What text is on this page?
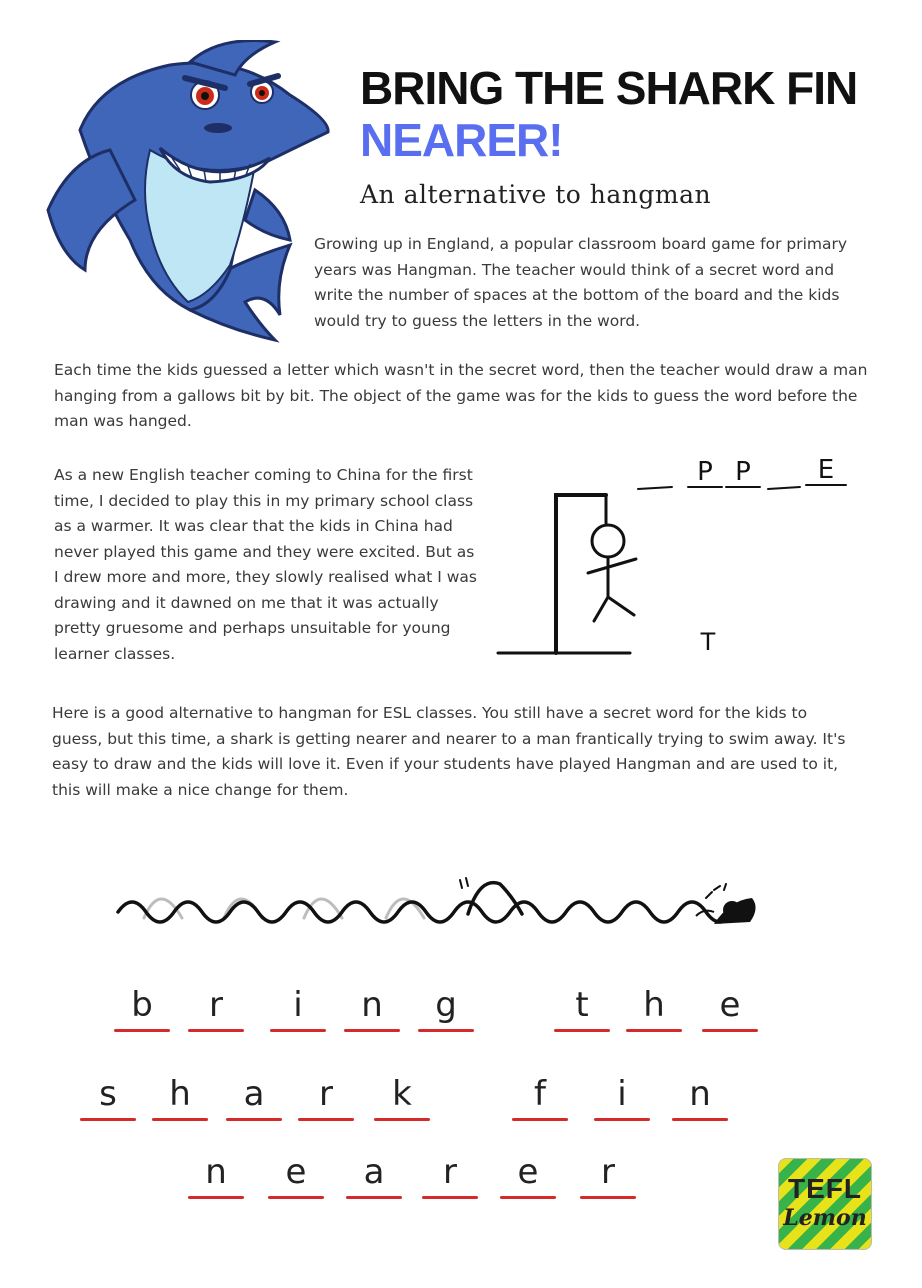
BRING THE SHARK FIN
NEARER!
An alternative to hangman
Growing up in England, a popular classroom board game for primary years was Hangman. The teacher would think of a secret word and write the number of spaces at the bottom of the board and the kids would try to guess the letters in the word.
Each time the kids guessed a letter which wasn't in the secret word, then the teacher would draw a man hanging from a gallows bit by bit. The object of the game was for the kids to guess the word before the man was hanged.
As a new English teacher coming to China for the first time, I decided to play this in my primary school class as a warmer. It was clear that the kids in China had never played this game and they were excited. But as I drew more and more, they slowly realised what I was drawing and it dawned on me that it was actually pretty gruesome and perhaps unsuitable for young learner classes.
Here is a good alternative to hangman for ESL classes. You still have a secret word for the kids to guess, but this time, a shark is getting nearer and nearer to a man frantically trying to swim away. It's easy to draw and the kids will love it. Even if your students have played Hangman and are used to it, this will make a nice change for them.
P P	E
T
b	r	i	n	g	t	h	e
s	h	a	r	k	f	i	n
n	e	a	r	e	r	TEFL
Lemon
